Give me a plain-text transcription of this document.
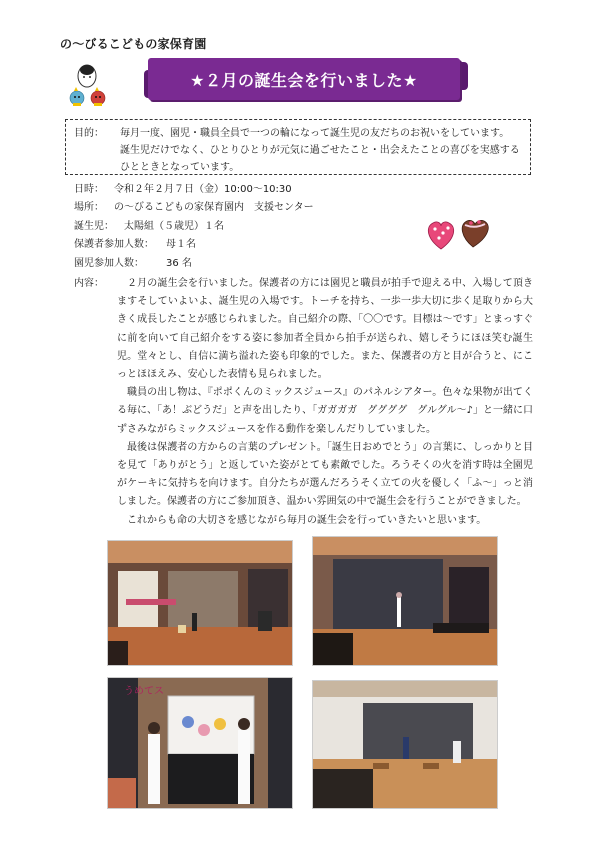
の〜びるこどもの家保育園
★２月の誕生会を行いました★
目的： 毎月一度、園児・職員全員で一つの輪になって誕生児の友だちのお祝いをしています。
誕生児だけでなく、ひとりひとりが元気に過ごせたこと・出会えたことの喜びを実感する
ひとときとなっています。
日時： 令和２年２月７日（金）10:00〜10:30
場所： の〜びるこどもの家保育園内　支援センター
誕生児： 太陽組（５歳児）１名
保護者参加人数： 母１名
園児参加人数： 36 名
内容：	２月の誕生会を行いました。保護者の方には園児と職員が拍手で迎える中、入場して頂きますそしていよいよ、誕生児の入場です。トーチを持ち、一歩一歩大切に歩く足取りから大きく成長したことが感じられました。自己紹介の際、「〇〇です。目標は〜です」とまっすぐに前を向いて自己紹介をする姿に参加者全員から拍手が送られ、嬉しそうにほほ笑む誕生児。堂々とし、自信に満ち溢れた姿も印象的でした。また、保護者の方と目が合うと、にこっとほほえみ、安心した表情も見られました。

職員の出し物は、『ポポくんのミックスジュース』のパネルシアター。色々な果物が出てくる毎に、「あ！ぶどうだ」と声を出したり、「ガガガガ　ググググ　グルグル〜♪」と一緒に口ずさみながらミックスジュースを作る動作を楽しんだりしていました。

最後は保護者の方からの言葉のプレゼント。「誕生日おめでとう」の言葉に、しっかりと目を見て「ありがとう」と返していた姿がとても素敵でした。ろうそくの火を消す時は全園児がケーキに気持ちを向けます。自分たちが選んだろうそく立ての火を優しく「ふ〜」っと消しました。保護者の方にご参加頂き、温かい雰囲気の中で誕生会を行うことができました。

これからも命の大切さを感じながら毎月の誕生会を行っていきたいと思います。

うめてス
